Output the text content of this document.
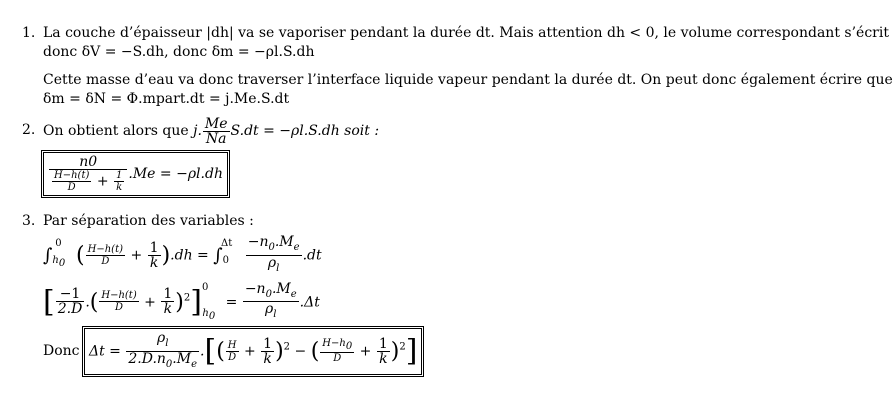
1. La couche d’épaisseur |dh| va se vaporiser pendant la durée dt. Mais attention dh < 0, le volume correspondant s’écrit
donc δV = −S.dh, donc δm = −ρl.S.dh
Cette masse d’eau va donc traverser l’interface liquide vapeur pendant la durée dt. On peut donc également écrire que
δm = δN = Φ.mpart.dt = j.Me.S.dt
2. On obtient alors que j. $\frac{Me}{Na} S.dt = -\rho l.S.dh$ soit :
$\frac{n0}{\frac{H-h(t)}{D} + \frac{1}{k}} .Me = -\rho l.dh$
3. Par séparation des variables :
$\int_{h_0}^0$ ( $\frac{H-h(t)}{D} + \frac{1}{k} ).dh = \int_0^{\Delta t} \frac{-n_0.M_e}{\rho_l} .dt$
[ $\frac{-1}{2.D}$ .( $\frac{H-h(t)}{D} + \frac{1}{k} )^2]^0_{h_0} = \frac{-n_0.M_e}{\rho_l} .\Delta t$
Donc $\Delta t = \frac{\rho_l}{2.D.n_0.M_e}$ .[( $\frac{H}{D} + \frac{1}{k} )^2$ − ( $\frac{H-h_0}{D} + \frac{1}{k} )^2$]
